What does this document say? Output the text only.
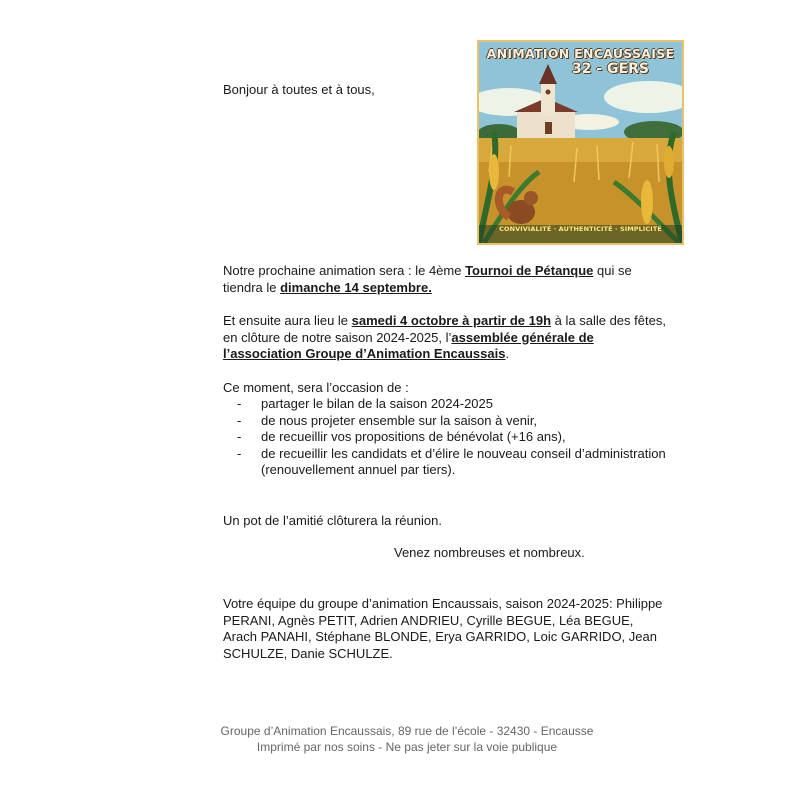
ANIMATION ENCAUSSAISE
32 - GERS
CONVIVIALITÉ · AUTHENTICITÉ · SIMPLICITÉ

Bonjour à toutes et à tous,

Notre prochaine animation sera : le 4ème Tournoi de Pétanque qui se tiendra le dimanche 14 septembre.

Et ensuite aura lieu le samedi 4 octobre à partir de 19h à la salle des fêtes, en clôture de notre saison 2024-2025, l’assemblée générale de l’association Groupe d’Animation Encaussais.

Ce moment, sera l’occasion de :

- partager le bilan de la saison 2024-2025
- de nous projeter ensemble sur la saison à venir,
- de recueillir vos propositions de bénévolat (+16 ans),
- de recueillir les candidats et d’élire le nouveau conseil d’administration (renouvellement annuel par tiers).

Un pot de l’amitié clôturera la réunion.

Venez nombreuses et nombreux.

Votre équipe du groupe d’animation Encaussais, saison 2024-2025: Philippe PERANI, Agnès PETIT, Adrien ANDRIEU, Cyrille BEGUE, Léa BEGUE, Arach PANAHI, Stéphane BLONDE, Erya GARRIDO, Loic GARRIDO, Jean SCHULZE, Danie SCHULZE.

Groupe d’Animation Encaussais, 89 rue de l’école - 32430 - Encausse
Imprimé par nos soins - Ne pas jeter sur la voie publique
